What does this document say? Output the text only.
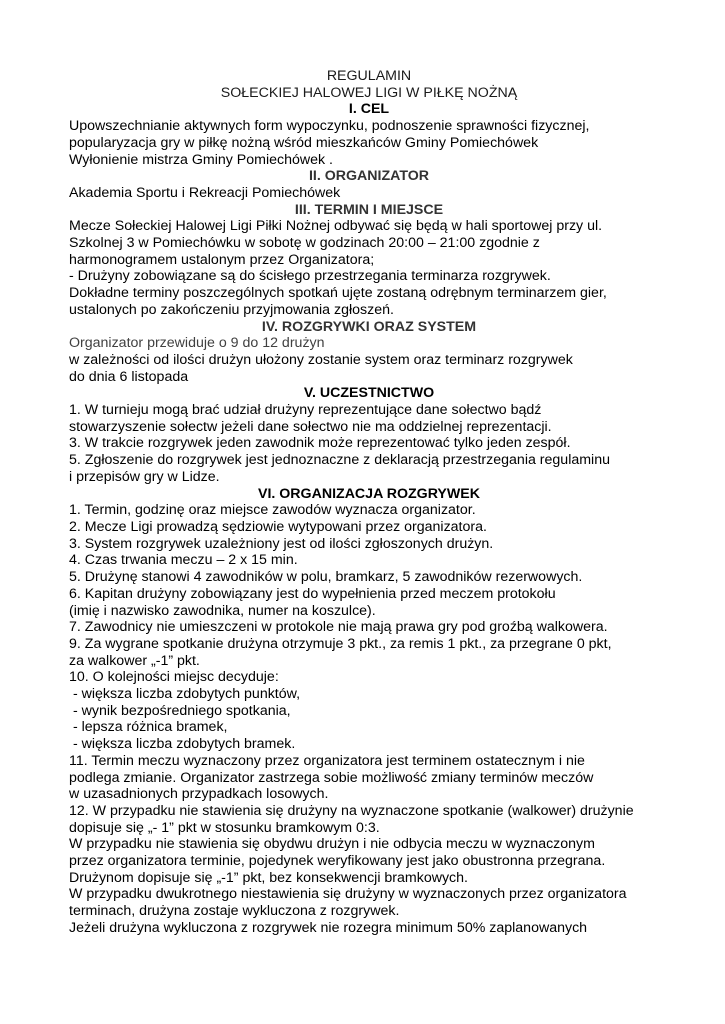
REGULAMIN

SOŁECKIEJ HALOWEJ LIGI W PIŁKĘ NOŻNĄ

I. CEL

Upowszechnianie aktywnych form wypoczynku, podnoszenie sprawności fizycznej,

popularyzacja gry w piłkę nożną wśród mieszkańców Gminy Pomiechówek

Wyłonienie mistrza Gminy Pomiechówek .

II. ORGANIZATOR

Akademia Sportu i Rekreacji Pomiechówek

III. TERMIN I MIEJSCE

Mecze Sołeckiej Halowej Ligi Piłki Nożnej odbywać się będą w hali sportowej przy ul.

Szkolnej 3 w Pomiechówku w sobotę w godzinach 20:00 – 21:00 zgodnie z

harmonogramem ustalonym przez Organizatora;

- Drużyny zobowiązane są do ścisłego przestrzegania terminarza rozgrywek.

Dokładne terminy poszczególnych spotkań ujęte zostaną odrębnym terminarzem gier,

ustalonych po zakończeniu przyjmowania zgłoszeń.

IV. ROZGRYWKI ORAZ SYSTEM

Organizator przewiduje o 9 do 12 drużyn

w zależności od ilości drużyn ułożony zostanie system oraz terminarz rozgrywek

do dnia 6 listopada

V. UCZESTNICTWO

1. W turnieju mogą brać udział drużyny reprezentujące dane sołectwo bądź

stowarzyszenie sołectw jeżeli dane sołectwo nie ma oddzielnej reprezentacji.

3. W trakcie rozgrywek jeden zawodnik może reprezentować tylko jeden zespół.

5. Zgłoszenie do rozgrywek jest jednoznaczne z deklaracją przestrzegania regulaminu

i przepisów gry w Lidze.

VI. ORGANIZACJA ROZGRYWEK

1. Termin, godzinę oraz miejsce zawodów wyznacza organizator.

2. Mecze Ligi prowadzą sędziowie wytypowani przez organizatora.

3. System rozgrywek uzależniony jest od ilości zgłoszonych drużyn.

4. Czas trwania meczu – 2 x 15 min.

5. Drużynę stanowi 4 zawodników w polu, bramkarz, 5 zawodników rezerwowych.

6. Kapitan drużyny zobowiązany jest do wypełnienia przed meczem protokołu

(imię i nazwisko zawodnika, numer na koszulce).

7. Zawodnicy nie umieszczeni w protokole nie mają prawa gry pod groźbą walkowera.

9. Za wygrane spotkanie drużyna otrzymuje 3 pkt., za remis 1 pkt., za przegrane 0 pkt,

za walkower „-1” pkt.

10. O kolejności miejsc decyduje:

- większa liczba zdobytych punktów,

- wynik bezpośredniego spotkania,

- lepsza różnica bramek,

- większa liczba zdobytych bramek.

11. Termin meczu wyznaczony przez organizatora jest terminem ostatecznym i nie

podlega zmianie. Organizator zastrzega sobie możliwość zmiany terminów meczów

w uzasadnionych przypadkach losowych.

12. W przypadku nie stawienia się drużyny na wyznaczone spotkanie (walkower) drużynie

dopisuje się „- 1” pkt w stosunku bramkowym 0:3.

W przypadku nie stawienia się obydwu drużyn i nie odbycia meczu w wyznaczonym

przez organizatora terminie, pojedynek weryfikowany jest jako obustronna przegrana.

Drużynom dopisuje się „-1” pkt, bez konsekwencji bramkowych.

W przypadku dwukrotnego niestawienia się drużyny w wyznaczonych przez organizatora

terminach, drużyna zostaje wykluczona z rozgrywek.

Jeżeli drużyna wykluczona z rozgrywek nie rozegra minimum 50% zaplanowanych
